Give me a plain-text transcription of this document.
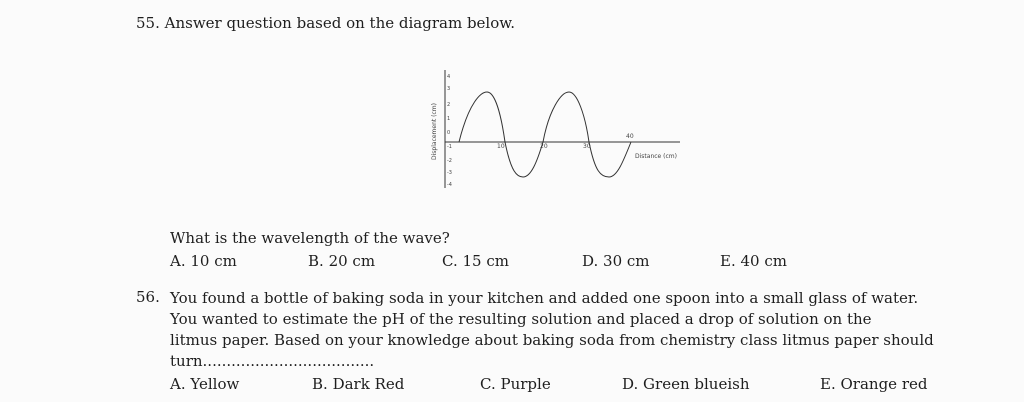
55. Answer question based on the diagram below.
4
3
2
1
0
-1
-2
-3
-4
Displacement (cm)	10	20	30
40
Distance (cm)
What is the wavelength of the wave?
A. 10 cm	B. 20 cm	C. 15 cm	D. 30 cm	E. 40 cm
56. You found a bottle of baking soda in your kitchen and added one spoon into a small glass of water.
You wanted to estimate the pH of the resulting solution and placed a drop of solution on the
litmus paper. Based on your knowledge about baking soda from chemistry class litmus paper should
turn....................................
A. Yellow	B. Dark Red	C. Purple	D. Green blueish	E. Orange red
